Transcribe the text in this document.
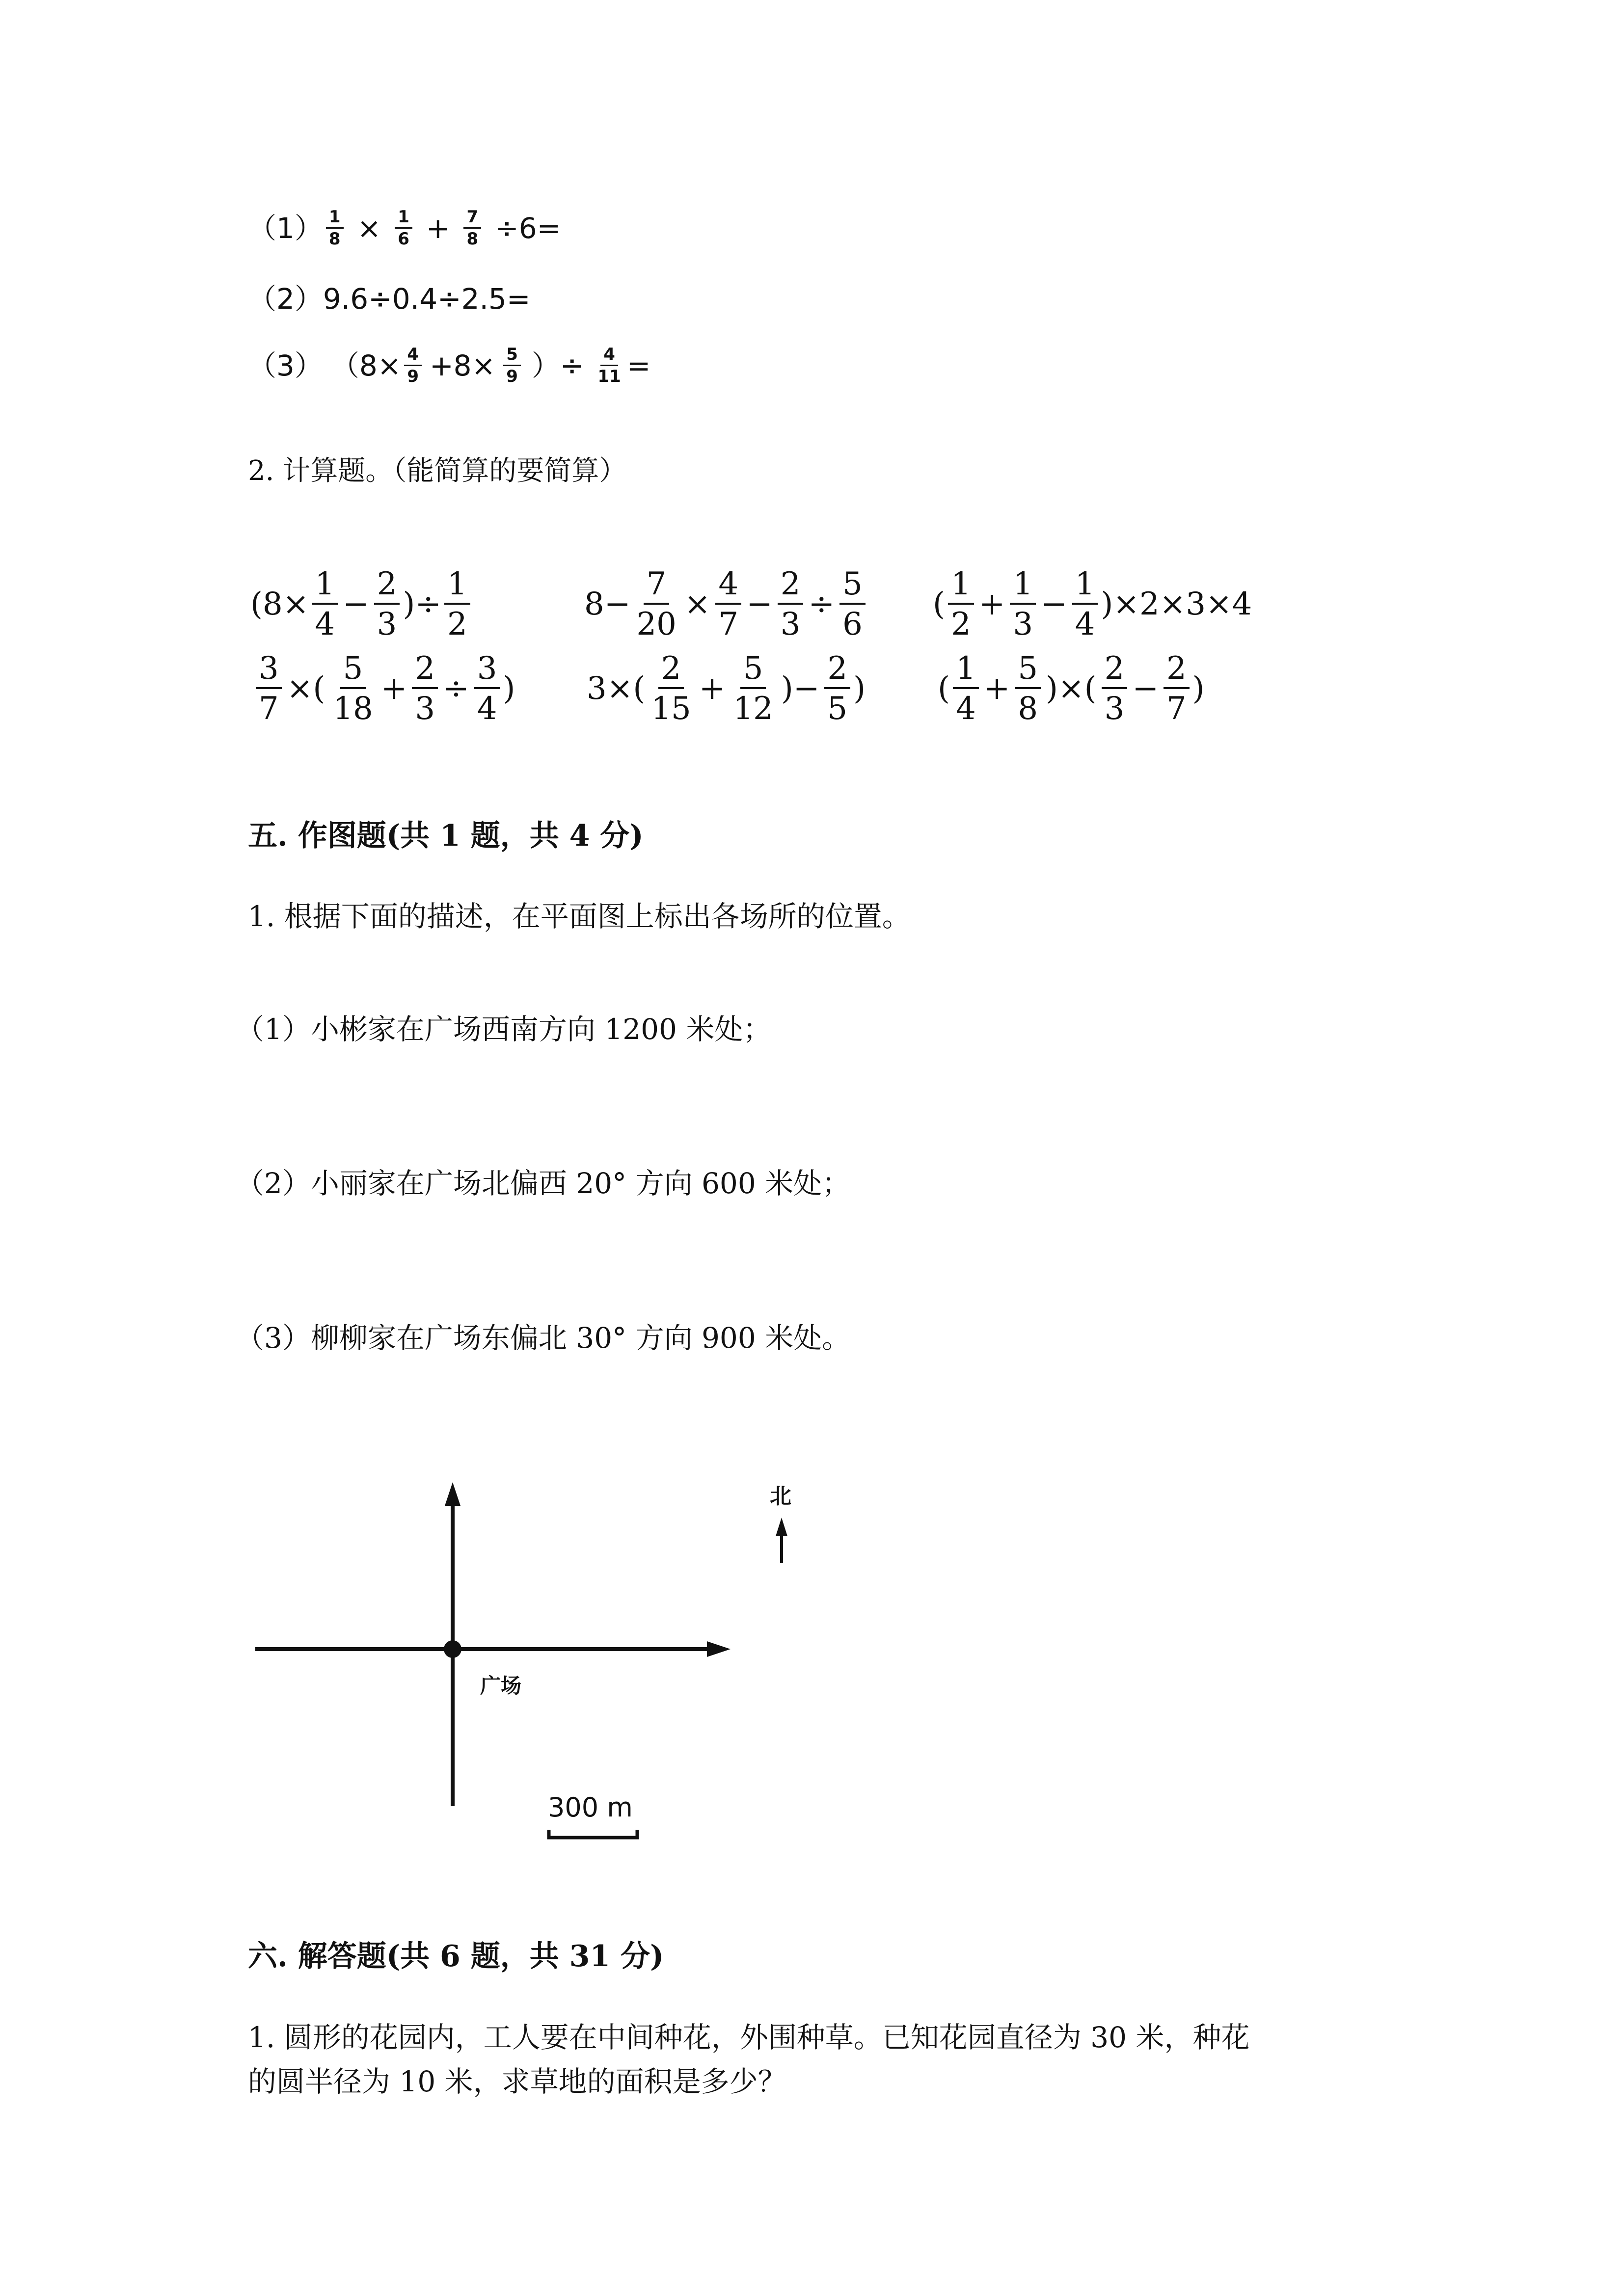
$(1) \frac{1}{8} \times \frac{1}{6} + \frac{7}{8} \div 6=$
（2）9.6÷0.4÷2.5=
（3） （$8\times \frac{4}{9} +8\times \frac{5}{9}$ ）÷ $\frac{4}{11}$ =
2. 计算题。（能简算的要简算）
($8\times \frac{1}{4} - \frac{2}{3}$ )÷ $\frac{1}{2}$	$8- \frac{7}{20} \times \frac{4}{7} - \frac{2}{3} \div \frac{5}{6}$ ( $\frac{1}{2} + \frac{1}{3} - \frac{1}{4} )\times 2\times 3\times 4$
$\frac{3}{7}$ ×( $\frac{5}{18} + \frac{2}{3} \div \frac{3}{4}$ ) $3\times( \frac{2}{15} + \frac{5}{12}$ )− $\frac{2}{5}$ ) ( $\frac{1}{4} + \frac{5}{8}$ )×( $\frac{2}{3} - \frac{2}{7}$ )
五. 作图题(共 1 题，共 4 分)
1. 根据下面的描述，在平面图上标出各场所的位置。
（1）小彬家在广场西南方向 1200 米处；
（2）小丽家在广场北偏西 20° 方向 600 米处；
（3）柳柳家在广场东偏北 30° 方向 900 米处。
北
广场
300 m
六. 解答题(共 6 题，共 31 分)
1. 圆形的花园内，工人要在中间种花，外围种草。已知花园直径为 30 米，种花
的圆半径为 10 米，求草地的面积是多少？
